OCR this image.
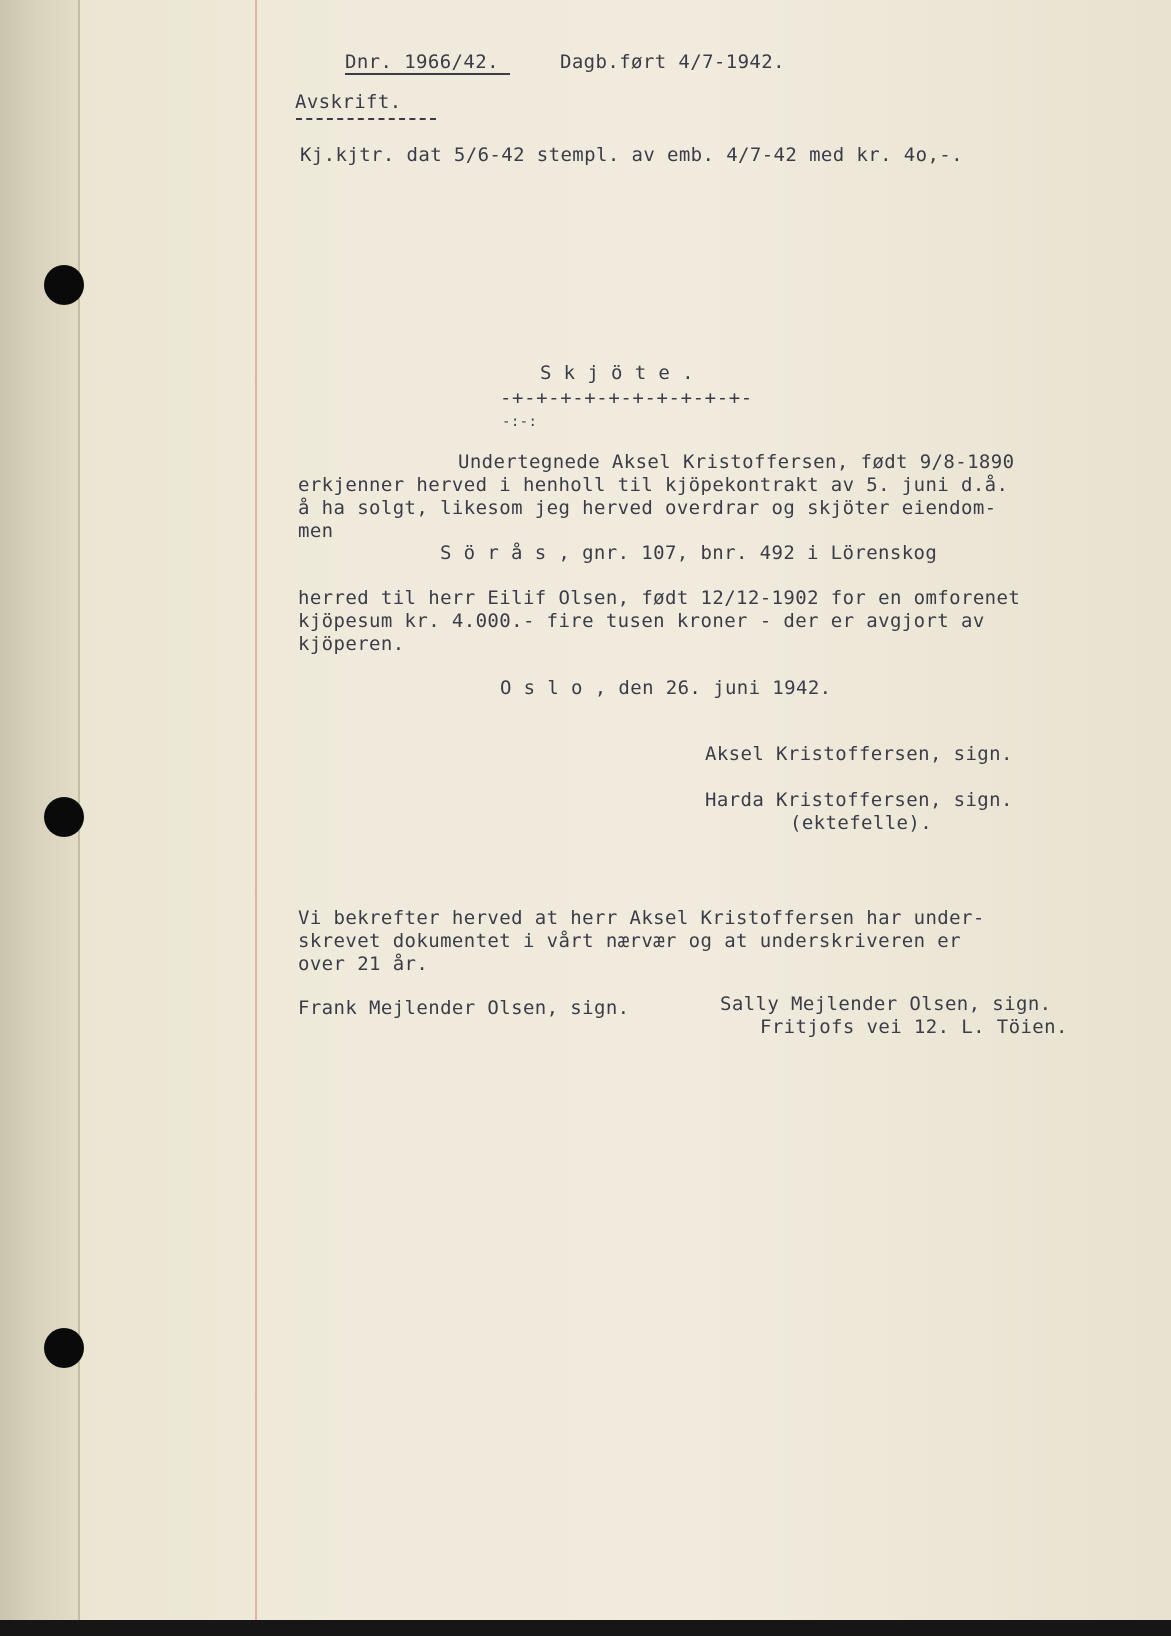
Dnr. 1966/42.	Dagb.ført 4/7-1942.
Avskrift.
Kj.kjtr. dat 5/6-42 stempl. av emb. 4/7-42 med kr. 4o,-.
S k j ö t e .
-+-+-+-+-+-+-+-+-+-+-
-:-:
Undertegnede Aksel Kristoffersen, født 9/8-1890
erkjenner herved i henholl til kjöpekontrakt av 5. juni d.å.
å ha solgt, likesom jeg herved overdrar og skjöter eiendom-
men
S ö r å s , gnr. 107, bnr. 492 i Lörenskog
herred til herr Eilif Olsen, født 12/12-1902 for en omforenet
kjöpesum kr. 4.000.- fire tusen kroner - der er avgjort av
kjöperen.
O s l o , den 26. juni 1942.
Aksel Kristoffersen, sign.
Harda Kristoffersen, sign.
(ektefelle).
Vi bekrefter herved at herr Aksel Kristoffersen har under-
skrevet dokumentet i vårt nærvær og at underskriveren er
over 21 år.
Frank Mejlender Olsen, sign.	Sally Mejlender Olsen, sign.
Fritjofs vei 12. L. Töien.
